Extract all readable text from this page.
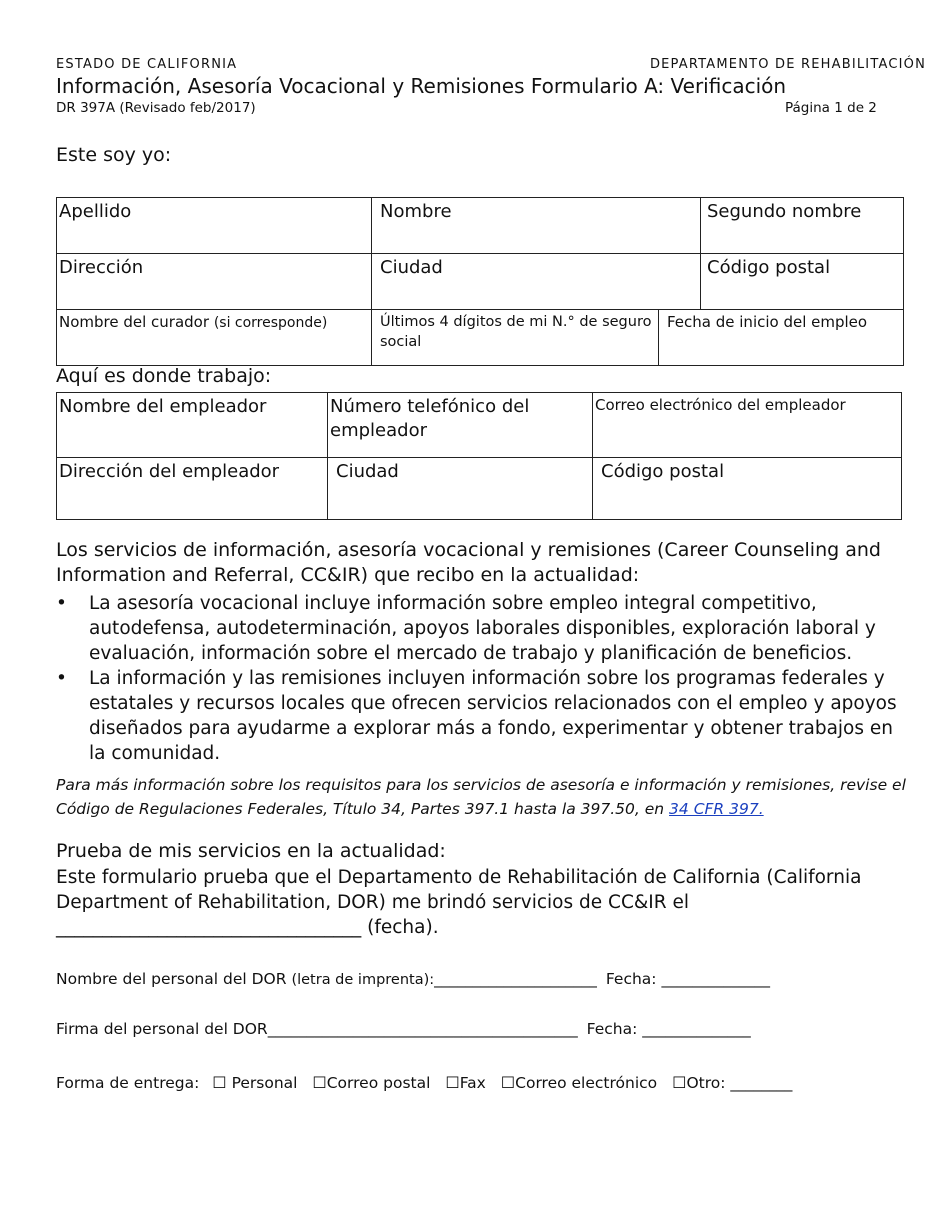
ESTADO DE CALIFORNIA	DEPARTAMENTO DE REHABILITACIÓN
Información, Asesoría Vocacional y Remisiones Formulario A: Verificación
DR 397A (Revisado feb/2017)	Página 1 de 2
Este soy yo:
Apellido	Nombre		Segundo nombre
Dirección	Ciudad		Código postal
Nombre del curador (si corresponde)	Últimos 4 dígitos de mi N.° de seguro social	Fecha de inicio del empleo	
Aquí es donde trabajo:
Nombre del empleador	Número telefónico del empleador	Correo electrónico del empleador
Dirección del empleador	Ciudad	Código postal
Los servicios de información, asesoría vocacional y remisiones (Career Counseling and Information and Referral, CC&IR) que recibo en la actualidad:
• La asesoría vocacional incluye información sobre empleo integral competitivo, autodefensa, autodeterminación, apoyos laborales disponibles, exploración laboral y evaluación, información sobre el mercado de trabajo y planificación de beneficios.
• La información y las remisiones incluyen información sobre los programas federales y estatales y recursos locales que ofrecen servicios relacionados con el empleo y apoyos diseñados para ayudarme a explorar más a fondo, experimentar y obtener trabajos en la comunidad.
Para más información sobre los requisitos para los servicios de asesoría e información y remisiones, revise el Código de Regulaciones Federales, Título 34, Partes 397.1 hasta la 397.50, en 34 CFR 397.
Prueba de mis servicios en la actualidad:
Este formulario prueba que el Departamento de Rehabilitación de California (California Department of Rehabilitation, DOR) me brindó servicios de CC&IR el _________________________________ (fecha).
Nombre del personal del DOR (letra de imprenta):_____________________ Fecha: ______________
Firma del personal del DOR________________________________________ Fecha: ______________
Forma de entrega: ☐ Personal ☐Correo postal ☐Fax ☐Correo electrónico ☐Otro: ________
